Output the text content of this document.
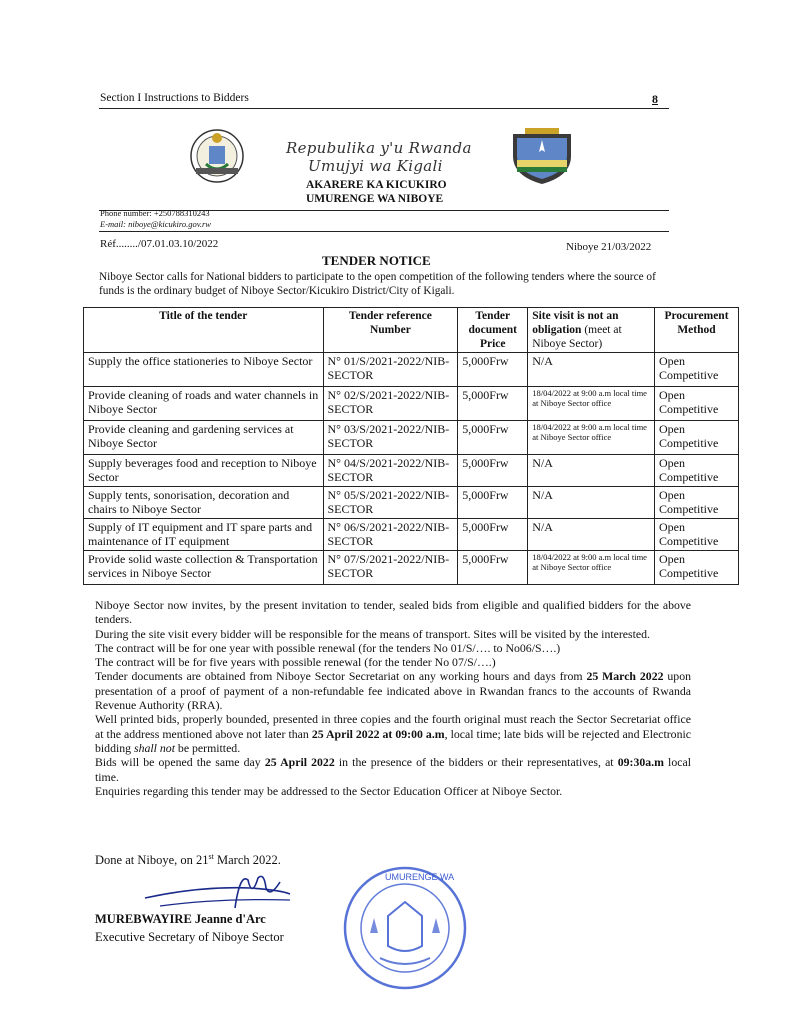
Section I Instructions to Bidders	8
Repubulika y'u Rwanda
Umujyi wa Kigali
AKARERE KA KICUKIRO
UMURENGE WA NIBOYE
Phone number: +250788310243
E-mail: niboye@kicukiro.gov.rw
Réf......../07.01.03.10/2022	Niboye 21/03/2022
TENDER NOTICE
Niboye Sector calls for National bidders to participate to the open competition of the following tenders where the source of funds is the ordinary budget of Niboye Sector/Kicukiro District/City of Kigali.
Title of the tender	Tender reference Number	Tender document Price	Site visit is not an obligation (meet at Niboye Sector)	Procurement Method
Supply the office stationeries to Niboye Sector	N° 01/S/2021-2022/NIB-SECTOR	5,000Frw	N/A	Open Competitive
Provide cleaning of roads and water channels in Niboye Sector	N° 02/S/2021-2022/NIB-SECTOR	5,000Frw	18/04/2022 at 9:00 a.m local time at Niboye Sector office	Open Competitive
Provide cleaning and gardening services at Niboye Sector	N° 03/S/2021-2022/NIB-SECTOR	5,000Frw	18/04/2022 at 9:00 a.m local time at Niboye Sector office	Open Competitive
Supply beverages food and reception to Niboye Sector	N° 04/S/2021-2022/NIB-SECTOR	5,000Frw	N/A	Open Competitive
Supply tents, sonorisation, decoration and chairs to Niboye Sector	N° 05/S/2021-2022/NIB-SECTOR	5,000Frw	N/A	Open Competitive
Supply of IT equipment and IT spare parts and maintenance of IT equipment	N° 06/S/2021-2022/NIB-SECTOR	5,000Frw	N/A	Open Competitive
Provide solid waste collection & Transportation services in Niboye Sector	N° 07/S/2021-2022/NIB-SECTOR	5,000Frw	18/04/2022 at 9:00 a.m local time at Niboye Sector office	Open Competitive

Niboye Sector now invites, by the present invitation to tender, sealed bids from eligible and qualified bidders for the above tenders.

During the site visit every bidder will be responsible for the means of transport. Sites will be visited by the interested.

The contract will be for one year with possible renewal (for the tenders No 01/S/…. to No06/S….)

The contract will be for five years with possible renewal (for the tender No 07/S/….)

Tender documents are obtained from Niboye Sector Secretariat on any working hours and days from 25 March 2022 upon presentation of a proof of payment of a non-refundable fee indicated above in Rwandan francs to the accounts of Rwanda Revenue Authority (RRA).

Well printed bids, properly bounded, presented in three copies and the fourth original must reach the Sector Secretariat office at the address mentioned above not later than 25 April 2022 at 09:00 a.m, local time; late bids will be rejected and Electronic bidding shall not be permitted.

Bids will be opened the same day 25 April 2022 in the presence of the bidders or their representatives, at 09:30a.m local time.

Enquiries regarding this tender may be addressed to the Sector Education Officer at Niboye Sector.

Done at Niboye, on 21st March 2022.
MUREBWAYIRE Jeanne d'Arc
Executive Secretary of Niboye Sector
UMURENGE WA
